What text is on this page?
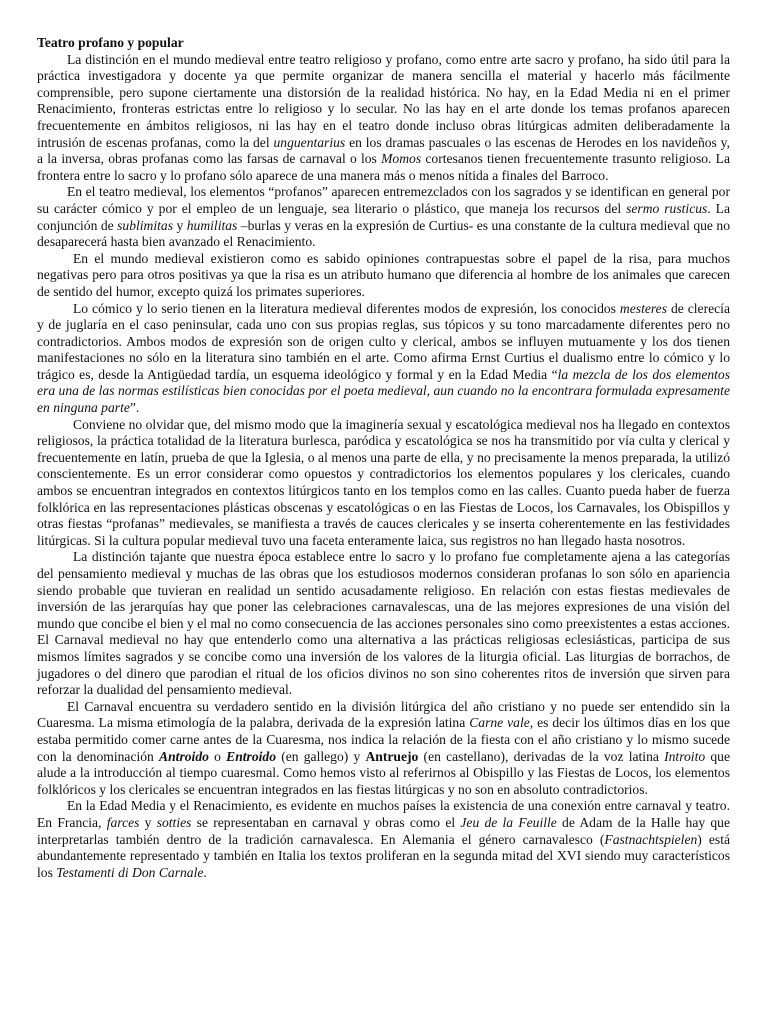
Teatro profano y popular

La distinción en el mundo medieval entre teatro religioso y profano, como entre arte sacro y profano, ha sido útil para la práctica investigadora y docente ya que permite organizar de manera sencilla el material y hacerlo más fácilmente comprensible, pero supone ciertamente una distorsión de la realidad histórica. No hay, en la Edad Media ni en el primer Renacimiento, fronteras estrictas entre lo religioso y lo secular. No las hay en el arte donde los temas profanos aparecen frecuentemente en ámbitos religiosos, ni las hay en el teatro donde incluso obras litúrgicas admiten deliberadamente la intrusión de escenas profanas, como la del unguentarius en los dramas pascuales o las escenas de Herodes en los navideños y, a la inversa, obras profanas como las farsas de carnaval o los Momos cortesanos tienen frecuentemente trasunto religioso. La frontera entre lo sacro y lo profano sólo aparece de una manera más o menos nítida a finales del Barroco.

En el teatro medieval, los elementos “profanos” aparecen entremezclados con los sagrados y se identifican en general por su carácter cómico y por el empleo de un lenguaje, sea literario o plástico, que maneja los recursos del sermo rusticus. La conjunción de sublimitas y humilitas –burlas y veras en la expresión de Curtius- es una constante de la cultura medieval que no desaparecerá hasta bien avanzado el Renacimiento.

En el mundo medieval existieron como es sabido opiniones contrapuestas sobre el papel de la risa, para muchos negativas pero para otros positivas ya que la risa es un atributo humano que diferencia al hombre de los animales que carecen de sentido del humor, excepto quizá los primates superiores.

Lo cómico y lo serio tienen en la literatura medieval diferentes modos de expresión, los conocidos mesteres de clerecía y de juglaría en el caso peninsular, cada uno con sus propias reglas, sus tópicos y su tono marcadamente diferentes pero no contradictorios. Ambos modos de expresión son de origen culto y clerical, ambos se influyen mutuamente y los dos tienen manifestaciones no sólo en la literatura sino también en el arte. Como afirma Ernst Curtius el dualismo entre lo cómico y lo trágico es, desde la Antigüedad tardía, un esquema ideológico y formal y en la Edad Media “la mezcla de los dos elementos era una de las normas estilísticas bien conocidas por el poeta medieval, aun cuando no la encontrara formulada expresamente en ninguna parte”.

Conviene no olvidar que, del mismo modo que la imaginería sexual y escatológica medieval nos ha llegado en contextos religiosos, la práctica totalidad de la literatura burlesca, paródica y escatológica se nos ha transmitido por vía culta y clerical y frecuentemente en latín, prueba de que la Iglesia, o al menos una parte de ella, y no precisamente la menos preparada, la utilizó conscientemente. Es un error considerar como opuestos y contradictorios los elementos populares y los clericales, cuando ambos se encuentran integrados en contextos litúrgicos tanto en los templos como en las calles. Cuanto pueda haber de fuerza folklórica en las representaciones plásticas obscenas y escatológicas o en las Fiestas de Locos, los Carnavales, los Obispillos y otras fiestas “profanas” medievales, se manifiesta a través de cauces clericales y se inserta coherentemente en las festividades litúrgicas. Si la cultura popular medieval tuvo una faceta enteramente laica, sus registros no han llegado hasta nosotros.

La distinción tajante que nuestra época establece entre lo sacro y lo profano fue completamente ajena a las categorías del pensamiento medieval y muchas de las obras que los estudiosos modernos consideran profanas lo son sólo en apariencia siendo probable que tuvieran en realidad un sentido acusadamente religioso. En relación con estas fiestas medievales de inversión de las jerarquías hay que poner las celebraciones carnavalescas, una de las mejores expresiones de una visión del mundo que concibe el bien y el mal no como consecuencia de las acciones personales sino como preexistentes a estas acciones. El Carnaval medieval no hay que entenderlo como una alternativa a las prácticas religiosas eclesiásticas, participa de sus mismos límites sagrados y se concibe como una inversión de los valores de la liturgia oficial. Las liturgias de borrachos, de jugadores o del dinero que parodian el ritual de los oficios divinos no son sino coherentes ritos de inversión que sirven para reforzar la dualidad del pensamiento medieval.

El Carnaval encuentra su verdadero sentido en la división litúrgica del año cristiano y no puede ser entendido sin la Cuaresma. La misma etimología de la palabra, derivada de la expresión latina Carne vale, es decir los últimos días en los que estaba permitido comer carne antes de la Cuaresma, nos indica la relación de la fiesta con el año cristiano y lo mismo sucede con la denominación Antroido o Entroido (en gallego) y Antruejo (en castellano), derivadas de la voz latina Introito que alude a la introducción al tiempo cuaresmal. Como hemos visto al referirnos al Obispillo y las Fiestas de Locos, los elementos folklóricos y los clericales se encuentran integrados en las fiestas litúrgicas y no son en absoluto contradictorios.

En la Edad Media y el Renacimiento, es evidente en muchos países la existencia de una conexión entre carnaval y teatro. En Francia, farces y sotties se representaban en carnaval y obras como el Jeu de la Feuille de Adam de la Halle hay que interpretarlas también dentro de la tradición carnavalesca. En Alemania el género carnavalesco (Fastnachtspielen) está abundantemente representado y también en Italia los textos proliferan en la segunda mitad del XVI siendo muy característicos los Testamenti di Don Carnale.
